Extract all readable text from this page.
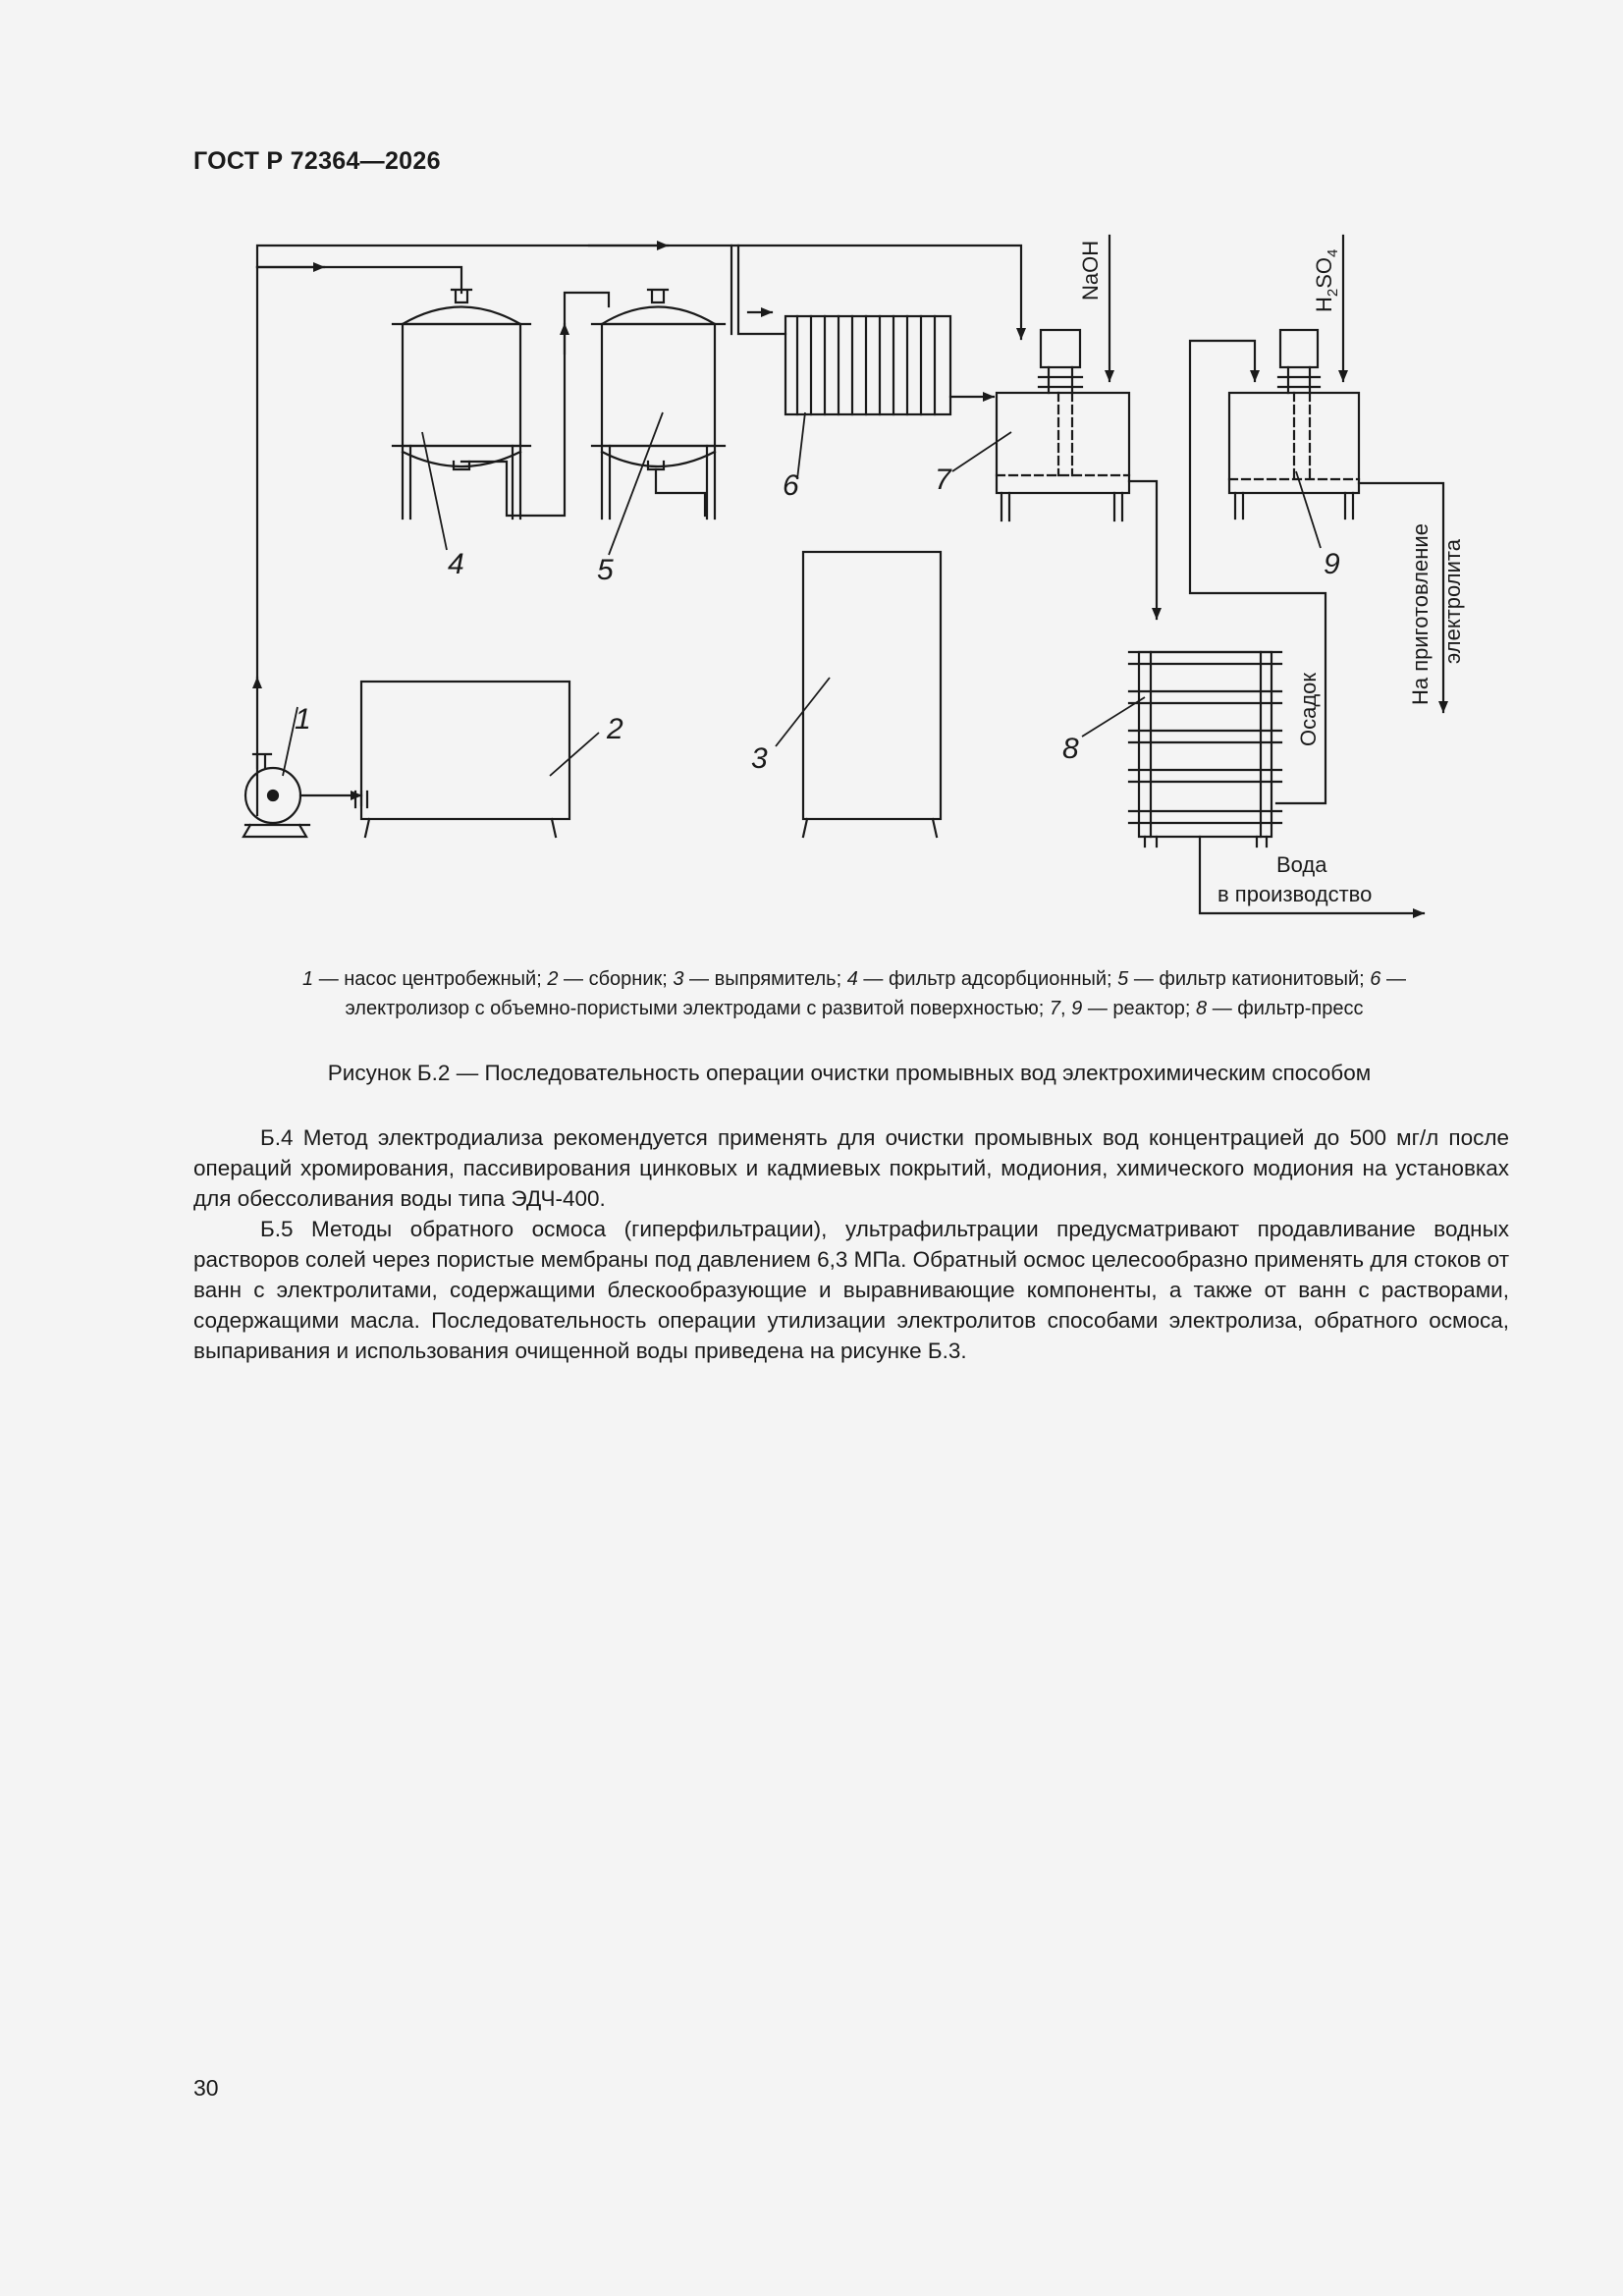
ГОСТ Р 72364—2026
1	2
3
4	5
6	7
8
9
NaOH
$H_2SO_4$
Осадок
На приготовление электролита
Вода
в производство
1 — насос центробежный; 2 — сборник; 3 — выпрямитель; 4 — фильтр адсорбционный; 5 — фильтр катионитовый; 6 — электролизор с объемно-пористыми электродами с развитой поверхностью; 7, 9 — реактор; 8 — фильтр-пресс
Рисунок Б.2 — Последовательность операции очистки промывных вод электрохимическим способом

Б.4 Метод электродиализа рекомендуется применять для очистки промывных вод концентрацией до 500 мг/л после операций хромирования, пассивирования цинковых и кадмиевых покрытий, модиония, химического модиония на установках для обессоливания воды типа ЭДЧ-400.

Б.5 Методы обратного осмоса (гиперфильтрации), ультрафильтрации предусматривают продавливание водных растворов солей через пористые мембраны под давлением 6,3 МПа. Обратный осмос целесообразно применять для стоков от ванн с электролитами, содержащими блескообразующие и выравнивающие компоненты, а также от ванн с растворами, содержащими масла. Последовательность операции утилизации электролитов способами электролиза, обратного осмоса, выпаривания и использования очищенной воды приведена на рисунке Б.3.

30
